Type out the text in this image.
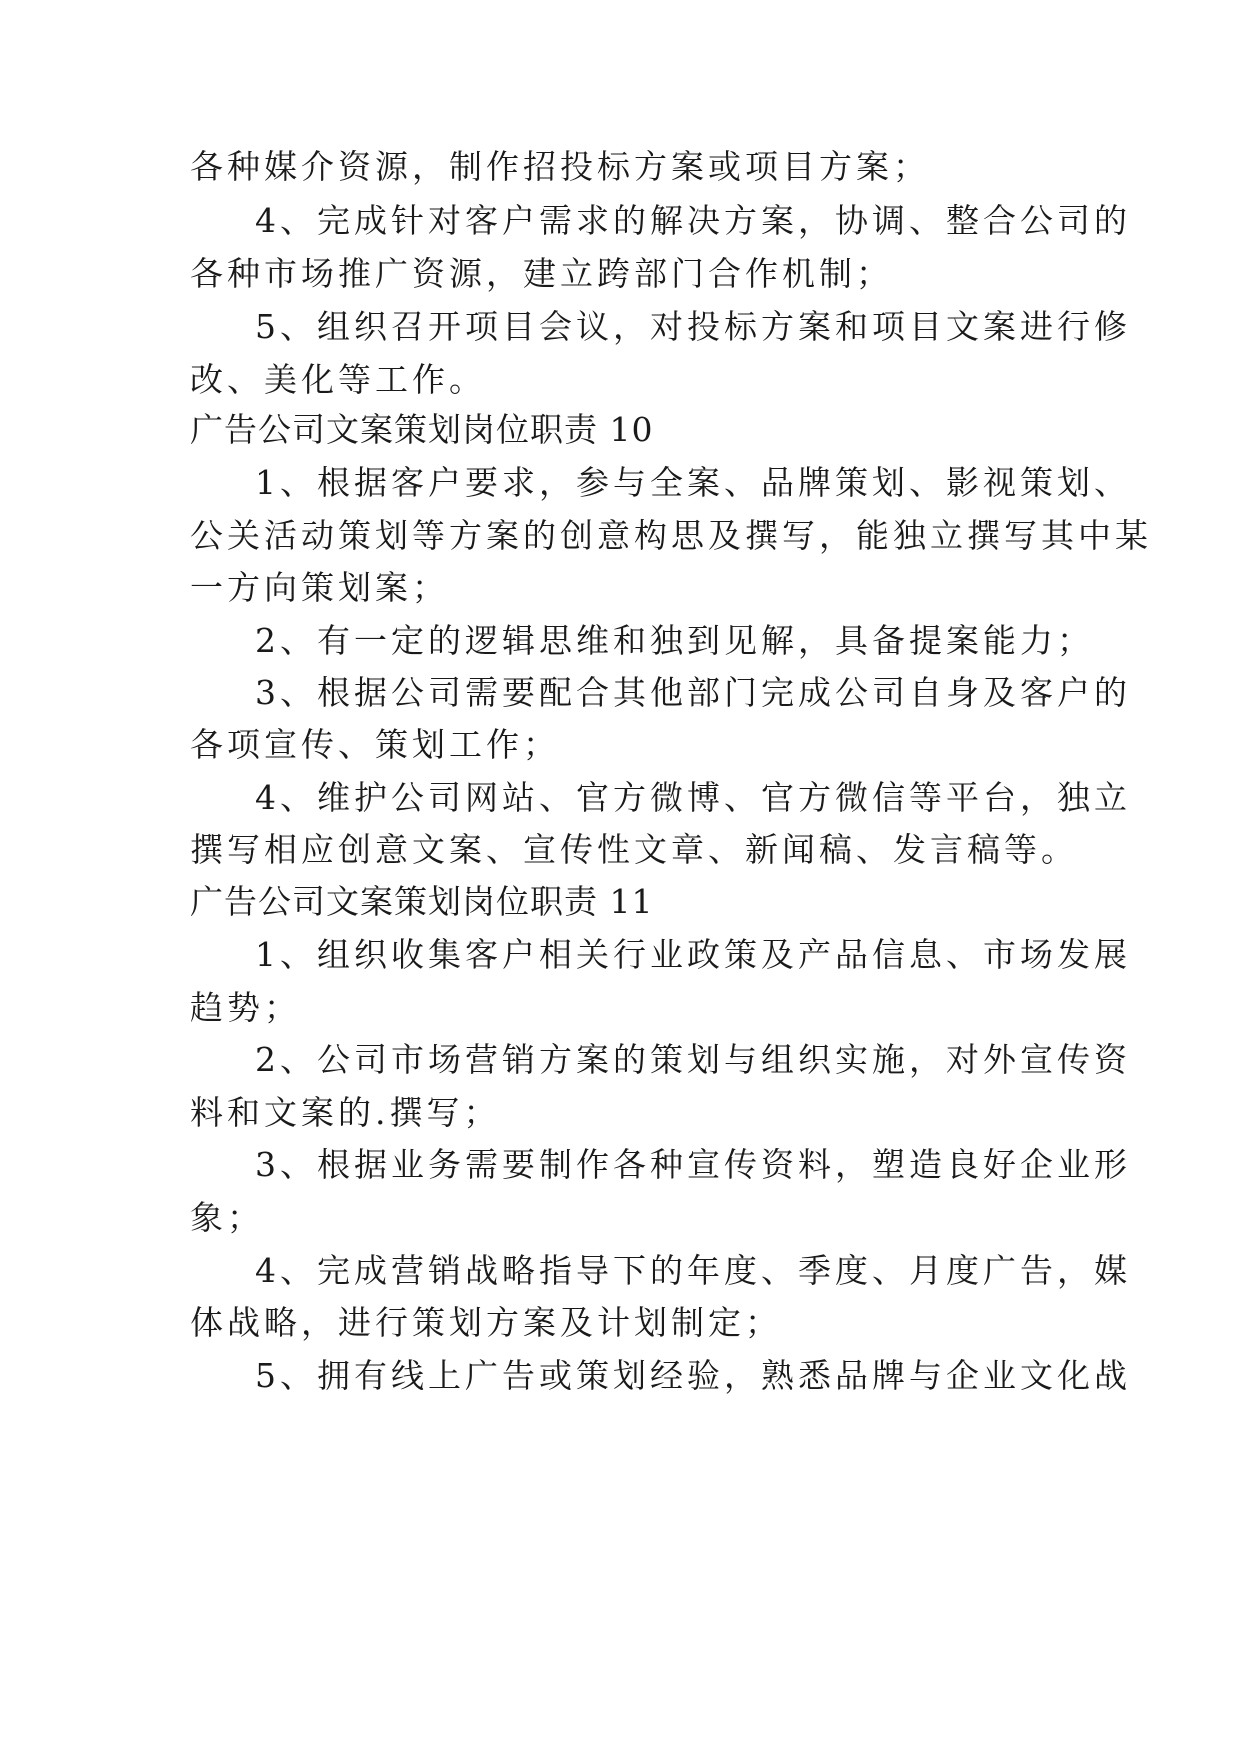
各种媒介资源，制作招投标方案或项目方案；
4、完成针对客户需求的解决方案，协调、整合公司的
各种市场推广资源，建立跨部门合作机制；
5、组织召开项目会议，对投标方案和项目文案进行修
改、美化等工作。
广告公司文案策划岗位职责 10
1、根据客户要求，参与全案、品牌策划、影视策划、
公关活动策划等方案的创意构思及撰写，能独立撰写其中某
一方向策划案；
2、有一定的逻辑思维和独到见解，具备提案能力；
3、根据公司需要配合其他部门完成公司自身及客户的
各项宣传、策划工作；
4、维护公司网站、官方微博、官方微信等平台，独立
撰写相应创意文案、宣传性文章、新闻稿、发言稿等。
广告公司文案策划岗位职责 11
1、组织收集客户相关行业政策及产品信息、市场发展
趋势；
2、公司市场营销方案的策划与组织实施，对外宣传资
料和文案的.撰写；
3、根据业务需要制作各种宣传资料，塑造良好企业形
象；
4、完成营销战略指导下的年度、季度、月度广告，媒
体战略，进行策划方案及计划制定；
5、拥有线上广告或策划经验，熟悉品牌与企业文化战
